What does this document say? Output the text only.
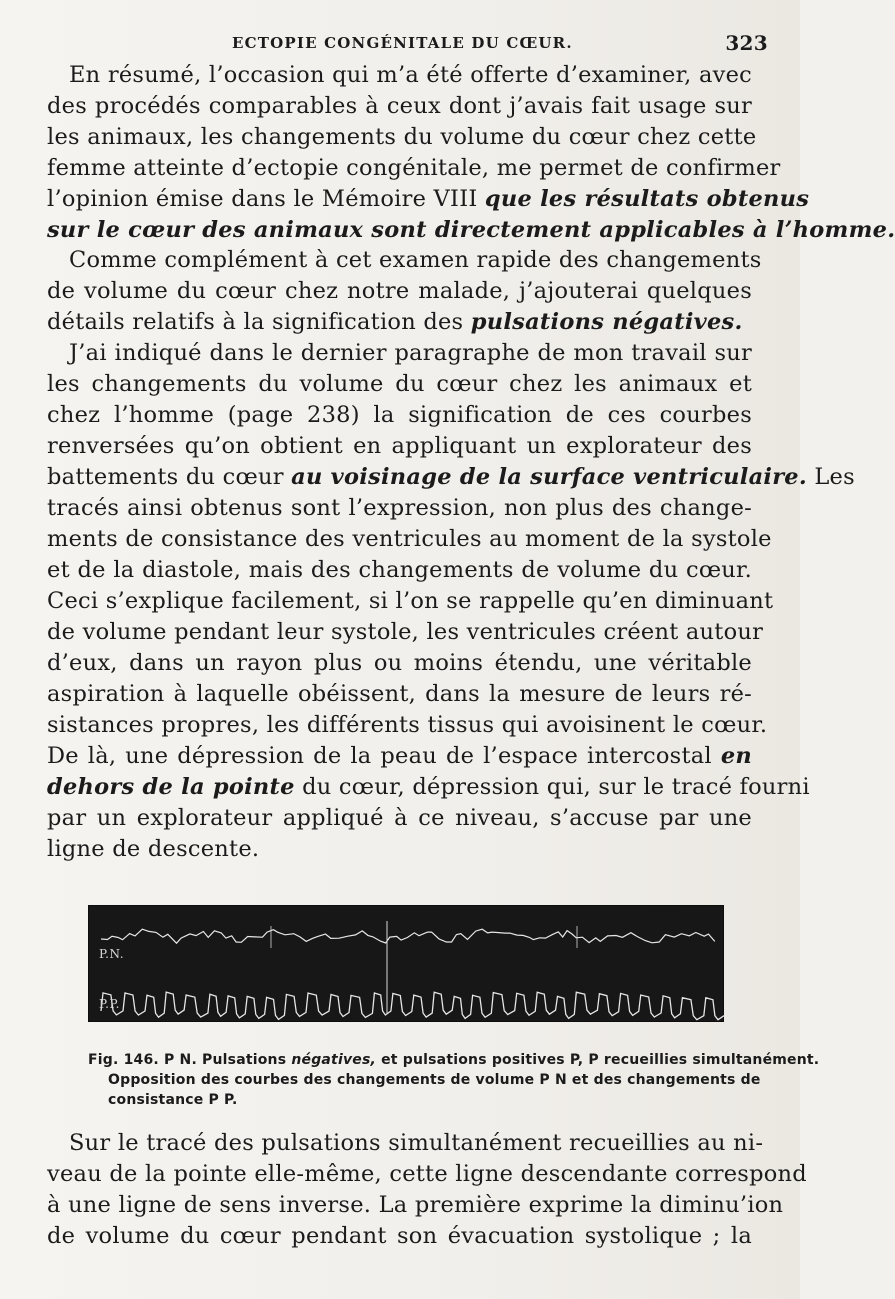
ECTOPIE CONGÉNITALE DU CŒUR.	323
En résumé, l’occasion qui m’a été offerte d’examiner, avec
des procédés comparables à ceux dont j’avais fait usage sur
les animaux, les changements du volume du cœur chez cette
femme atteinte d’ectopie congénitale, me permet de confirmer
l’opinion émise dans le Mémoire VIII que les résultats obtenus
sur le cœur des animaux sont directement applicables à l’homme.
Comme complément à cet examen rapide des changements
de volume du cœur chez notre malade, j’ajouterai quelques
détails relatifs à la signification des pulsations négatives.
J’ai indiqué dans le dernier paragraphe de mon travail sur
les changements du volume du cœur chez les animaux et
chez l’homme (page 238) la signification de ces courbes
renversées qu’on obtient en appliquant un explorateur des
battements du cœur au voisinage de la surface ventriculaire. Les
tracés ainsi obtenus sont l’expression, non plus des change-
ments de consistance des ventricules au moment de la systole
et de la diastole, mais des changements de volume du cœur.
Ceci s’explique facilement, si l’on se rappelle qu’en diminuant
de volume pendant leur systole, les ventricules créent autour
d’eux, dans un rayon plus ou moins étendu, une véritable
aspiration à laquelle obéissent, dans la mesure de leurs ré-
sistances propres, les différents tissus qui avoisinent le cœur.
De là, une dépression de la peau de l’espace intercostal en
dehors de la pointe du cœur, dépression qui, sur le tracé fourni
par un explorateur appliqué à ce niveau, s’accuse par une
ligne de descente.
P.N.
P.P.
Fig. 146. P N. Pulsations négatives, et pulsations positives P, P recueillies simultanément.
Opposition des courbes des changements de volume P N et des changements de
consistance P P.
Sur le tracé des pulsations simultanément recueillies au ni-
veau de la pointe elle-même, cette ligne descendante correspond
à une ligne de sens inverse. La première exprime la diminu’ion
de volume du cœur pendant son évacuation systolique ; la
